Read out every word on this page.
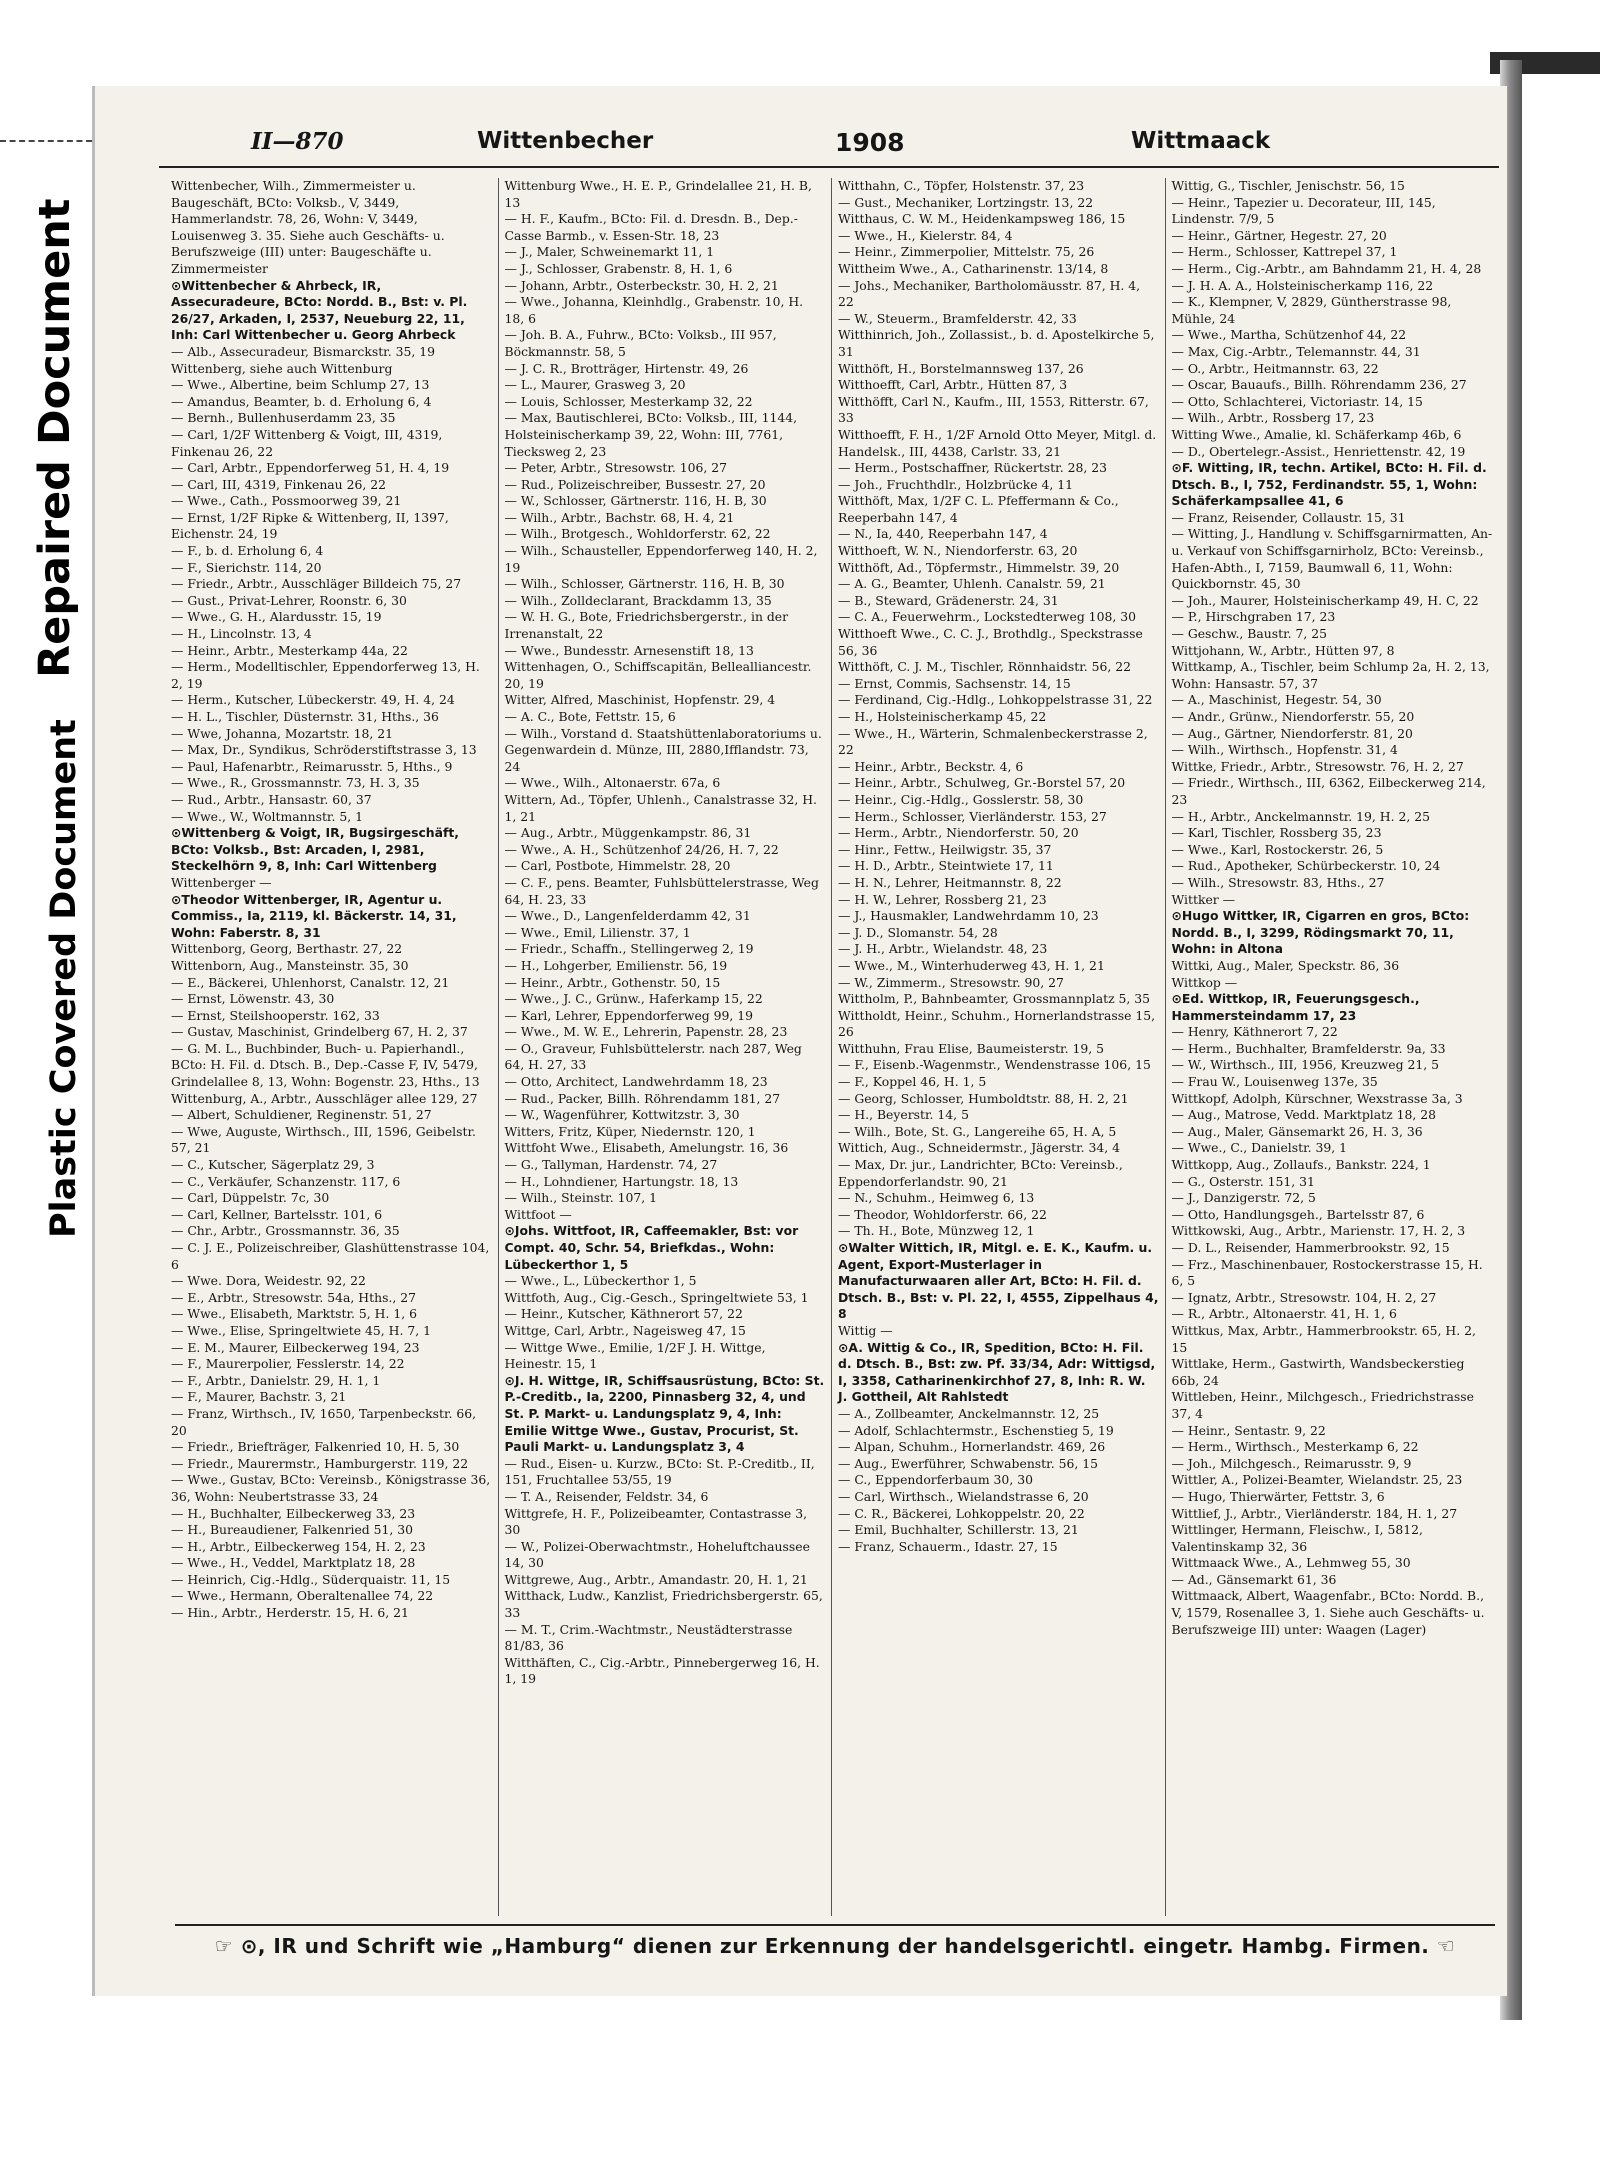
Repaired Document
Plastic Covered Document
II—870	Wittenbecher	1908	Wittmaack
Wittenbecher, Wilh., Zimmermeister u. Baugeschäft, BCto: Volksb., V, 3449, Hammerlandstr. 78, 26, Wohn: V, 3449, Louisenweg 3. 35. Siehe auch Geschäfts- u. Berufszweige (III) unter: Baugeschäfte u. Zimmermeister
⊙ Wittenbecher & Ahrbeck, IR, Assecuradeure, BCto: Nordd. B., Bst: v. Pl. 26/27, Arkaden, I, 2537, Neueburg 22, 11, Inh: Carl Wittenbecher u. Georg Ahrbeck
— Alb., Assecuradeur, Bismarckstr. 35, 19
Wittenberg, siehe auch Wittenburg
— Wwe., Albertine, beim Schlump 27, 13
— Amandus, Beamter, b. d. Erholung 6, 4
— Bernh., Bullenhuserdamm 23, 35
— Carl, 1/2F Wittenberg & Voigt, III, 4319, Finkenau 26, 22
— Carl, Arbtr., Eppendorferweg 51, H. 4, 19
— Carl, III, 4319, Finkenau 26, 22
— Wwe., Cath., Possmoorweg 39, 21
— Ernst, 1/2F Ripke & Wittenberg, II, 1397, Eichenstr. 24, 19
— F., b. d. Erholung 6, 4
— F., Sierichstr. 114, 20
— Friedr., Arbtr., Ausschläger Billdeich 75, 27
— Gust., Privat-Lehrer, Roonstr. 6, 30
— Wwe., G. H., Alardusstr. 15, 19
— H., Lincolnstr. 13, 4
— Heinr., Arbtr., Mesterkamp 44a, 22
— Herm., Modelltischler, Eppendorferweg 13, H. 2, 19
— Herm., Kutscher, Lübeckerstr. 49, H. 4, 24
— H. L., Tischler, Düsternstr. 31, Hths., 36
— Wwe, Johanna, Mozartstr. 18, 21
— Max, Dr., Syndikus, Schröderstiftstrasse 3, 13
— Paul, Hafenarbtr., Reimarusstr. 5, Hths., 9
— Wwe., R., Grossmannstr. 73, H. 3, 35
— Rud., Arbtr., Hansastr. 60, 37
— Wwe., W., Woltmannstr. 5, 1
⊙ Wittenberg & Voigt, IR, Bugsirgeschäft, BCto: Volksb., Bst: Arcaden, I, 2981, Steckelhörn 9, 8, Inh: Carl Wittenberg
Wittenberger —
⊙ Theodor Wittenberger, IR, Agentur u. Commiss., Ia, 2119, kl. Bäckerstr. 14, 31, Wohn: Faberstr. 8, 31
Wittenborg, Georg, Berthastr. 27, 22
Wittenborn, Aug., Mansteinstr. 35, 30
— E., Bäckerei, Uhlenhorst, Canalstr. 12, 21
— Ernst, Löwenstr. 43, 30
— Ernst, Steilshooperstr. 162, 33
— Gustav, Maschinist, Grindelberg 67, H. 2, 37
— G. M. L., Buchbinder, Buch- u. Papierhandl., BCto: H. Fil. d. Dtsch. B., Dep.-Casse F, IV, 5479, Grindelallee 8, 13, Wohn: Bogenstr. 23, Hths., 13
Wittenburg, A., Arbtr., Ausschläger allee 129, 27
— Albert, Schuldiener, Reginenstr. 51, 27
— Wwe, Auguste, Wirthsch., III, 1596, Geibelstr. 57, 21
— C., Kutscher, Sägerplatz 29, 3
— C., Verkäufer, Schanzenstr. 117, 6
— Carl, Düppelstr. 7c, 30
— Carl, Kellner, Bartelsstr. 101, 6
— Chr., Arbtr., Grossmannstr. 36, 35
— C. J. E., Polizeischreiber, Glashüttenstrasse 104, 6
— Wwe. Dora, Weidestr. 92, 22
— E., Arbtr., Stresowstr. 54a, Hths., 27
— Wwe., Elisabeth, Marktstr. 5, H. 1, 6
— Wwe., Elise, Springeltwiete 45, H. 7, 1
— E. M., Maurer, Eilbeckerweg 194, 23
— F., Maurerpolier, Fesslerstr. 14, 22
— F., Arbtr., Danielstr. 29, H. 1, 1
— F., Maurer, Bachstr. 3, 21
— Franz, Wirthsch., IV, 1650, Tarpenbeckstr. 66, 20
— Friedr., Briefträger, Falkenried 10, H. 5, 30
— Friedr., Maurermstr., Hamburgerstr. 119, 22
— Wwe., Gustav, BCto: Vereinsb., Königstrasse 36, 36, Wohn: Neubertstrasse 33, 24
— H., Buchhalter, Eilbeckerweg 33, 23
— H., Bureaudiener, Falkenried 51, 30
— H., Arbtr., Eilbeckerweg 154, H. 2, 23
— Wwe., H., Veddel, Marktplatz 18, 28
— Heinrich, Cig.-Hdlg., Süderquaistr. 11, 15
— Wwe., Hermann, Oberaltenallee 74, 22
— Hin., Arbtr., Herderstr. 15, H. 6, 21
Wittenburg Wwe., H. E. P., Grindelallee 21, H. B, 13
— H. F., Kaufm., BCto: Fil. d. Dresdn. B., Dep.-Casse Barmb., v. Essen-Str. 18, 23
— J., Maler, Schweinemarkt 11, 1
— J., Schlosser, Grabenstr. 8, H. 1, 6
— Johann, Arbtr., Osterbeckstr. 30, H. 2, 21
— Wwe., Johanna, Kleinhdlg., Grabenstr. 10, H. 18, 6
— Joh. B. A., Fuhrw., BCto: Volksb., III 957, Böckmannstr. 58, 5
— J. C. R., Brotträger, Hirtenstr. 49, 26
— L., Maurer, Grasweg 3, 20
— Louis, Schlosser, Mesterkamp 32, 22
— Max, Bautischlerei, BCto: Volksb., III, 1144, Holsteinischerkamp 39, 22, Wohn: III, 7761, Tiecksweg 2, 23
— Peter, Arbtr., Stresowstr. 106, 27
— Rud., Polizeischreiber, Bussestr. 27, 20
— W., Schlosser, Gärtnerstr. 116, H. B, 30
— Wilh., Arbtr., Bachstr. 68, H. 4, 21
— Wilh., Brotgesch., Wohldorferstr. 62, 22
— Wilh., Schausteller, Eppendorferweg 140, H. 2, 19
— Wilh., Schlosser, Gärtnerstr. 116, H. B, 30
— Wilh., Zolldeclarant, Brackdamm 13, 35
— W. H. G., Bote, Friedrichsbergerstr., in der Irrenanstalt, 22
— Wwe., Bundesstr. Arnesenstift 18, 13
Wittenhagen, O., Schiffscapitän, Bellealliancestr. 20, 19
Witter, Alfred, Maschinist, Hopfenstr. 29, 4
— A. C., Bote, Fettstr. 15, 6
— Wilh., Vorstand d. Staatshüttenlaboratoriums u. Gegenwardein d. Münze, III, 2880,Ifflandstr. 73, 24
— Wwe., Wilh., Altonaerstr. 67a, 6
Wittern, Ad., Töpfer, Uhlenh., Canalstrasse 32, H. 1, 21
— Aug., Arbtr., Müggenkampstr. 86, 31
— Wwe., A. H., Schützenhof 24/26, H. 7, 22
— Carl, Postbote, Himmelstr. 28, 20
— C. F., pens. Beamter, Fuhlsbüttelerstrasse, Weg 64, H. 23, 33
— Wwe., D., Langenfelderdamm 42, 31
— Wwe., Emil, Lilienstr. 37, 1
— Friedr., Schaffn., Stellingerweg 2, 19
— H., Lohgerber, Emilienstr. 56, 19
— Heinr., Arbtr., Gothenstr. 50, 15
— Wwe., J. C., Grünw., Haferkamp 15, 22
— Karl, Lehrer, Eppendorferweg 99, 19
— Wwe., M. W. E., Lehrerin, Papenstr. 28, 23
— O., Graveur, Fuhlsbüttelerstr. nach 287, Weg 64, H. 27, 33
— Otto, Architect, Landwehrdamm 18, 23
— Rud., Packer, Billh. Röhrendamm 181, 27
— W., Wagenführer, Kottwitzstr. 3, 30
Witters, Fritz, Küper, Niedernstr. 120, 1
Wittfoht Wwe., Elisabeth, Amelungstr. 16, 36
— G., Tallyman, Hardenstr. 74, 27
— H., Lohndiener, Hartungstr. 18, 13
— Wilh., Steinstr. 107, 1
Wittfoot —
⊙ Johs. Wittfoot, IR, Caffeemakler, Bst: vor Compt. 40, Schr. 54, Briefkdas., Wohn: Lübeckerthor 1, 5
— Wwe., L., Lübeckerthor 1, 5
Wittfoth, Aug., Cig.-Gesch., Springeltwiete 53, 1
— Heinr., Kutscher, Käthnerort 57, 22
Wittge, Carl, Arbtr., Nageisweg 47, 15
— Wittge Wwe., Emilie, 1/2F J. H. Wittge, Heinestr. 15, 1
⊙ J. H. Wittge, IR, Schiffsausrüstung, BCto: St. P.-Creditb., Ia, 2200, Pinnasberg 32, 4, und St. P. Markt- u. Landungsplatz 9, 4, Inh: Emilie Wittge Wwe., Gustav, Procurist, St. Pauli Markt- u. Landungsplatz 3, 4
— Rud., Eisen- u. Kurzw., BCto: St. P.-Creditb., II, 151, Fruchtallee 53/55, 19
— T. A., Reisender, Feldstr. 34, 6
Wittgrefe, H. F., Polizeibeamter, Contastrasse 3, 30
— W., Polizei-Oberwachtmstr., Hoheluftchaussee 14, 30
Wittgrewe, Aug., Arbtr., Amandastr. 20, H. 1, 21
Witthack, Ludw., Kanzlist, Friedrichsbergerstr. 65, 33
— M. T., Crim.-Wachtmstr., Neustädterstrasse 81/83, 36
Witthäften, C., Cig.-Arbtr., Pinnebergerweg 16, H. 1, 19
Witthahn, C., Töpfer, Holstenstr. 37, 23
— Gust., Mechaniker, Lortzingstr. 13, 22
Witthaus, C. W. M., Heidenkampsweg 186, 15
— Wwe., H., Kielerstr. 84, 4
— Heinr., Zimmerpolier, Mittelstr. 75, 26
Wittheim Wwe., A., Catharinenstr. 13/14, 8
— Johs., Mechaniker, Bartholomäusstr. 87, H. 4, 22
— W., Steuerm., Bramfelderstr. 42, 33
Witthinrich, Joh., Zollassist., b. d. Apostelkirche 5, 31
Witthöft, H., Borstelmannsweg 137, 26
Witthoefft, Carl, Arbtr., Hütten 87, 3
Witthöfft, Carl N., Kaufm., III, 1553, Ritterstr. 67, 33
Witthoefft, F. H., 1/2F Arnold Otto Meyer, Mitgl. d. Handelsk., III, 4438, Carlstr. 33, 21
— Herm., Postschaffner, Rückertstr. 28, 23
— Joh., Fruchthdlr., Holzbrücke 4, 11
Witthöft, Max, 1/2F C. L. Pfeffermann & Co., Reeperbahn 147, 4
— N., Ia, 440, Reeperbahn 147, 4
Witthoeft, W. N., Niendorferstr. 63, 20
Witthöft, Ad., Töpfermstr., Himmelstr. 39, 20
— A. G., Beamter, Uhlenh. Canalstr. 59, 21
— B., Steward, Grädenerstr. 24, 31
— C. A., Feuerwehrm., Lockstedterweg 108, 30
Witthoeft Wwe., C. C. J., Brothdlg., Speckstrasse 56, 36
Witthöft, C. J. M., Tischler, Rönnhaidstr. 56, 22
— Ernst, Commis, Sachsenstr. 14, 15
— Ferdinand, Cig.-Hdlg., Lohkoppelstrasse 31, 22
— H., Holsteinischerkamp 45, 22
— Wwe., H., Wärterin, Schmalenbeckerstrasse 2, 22
— Heinr., Arbtr., Beckstr. 4, 6
— Heinr., Arbtr., Schulweg, Gr.-Borstel 57, 20
— Heinr., Cig.-Hdlg., Gosslerstr. 58, 30
— Herm., Schlosser, Vierländerstr. 153, 27
— Herm., Arbtr., Niendorferstr. 50, 20
— Hinr., Fettw., Heilwigstr. 35, 37
— H. D., Arbtr., Steintwiete 17, 11
— H. N., Lehrer, Heitmannstr. 8, 22
— H. W., Lehrer, Rossberg 21, 23
— J., Hausmakler, Landwehrdamm 10, 23
— J. D., Slomanstr. 54, 28
— J. H., Arbtr., Wielandstr. 48, 23
— Wwe., M., Winterhuderweg 43, H. 1, 21
— W., Zimmerm., Stresowstr. 90, 27
Wittholm, P., Bahnbeamter, Grossmannplatz 5, 35
Wittholdt, Heinr., Schuhm., Hornerlandstrasse 15, 26
Witthuhn, Frau Elise, Baumeisterstr. 19, 5
— F., Eisenb.-Wagenmstr., Wendenstrasse 106, 15
— F., Koppel 46, H. 1, 5
— Georg, Schlosser, Humboldtstr. 88, H. 2, 21
— H., Beyerstr. 14, 5
— Wilh., Bote, St. G., Langereihe 65, H. A, 5
Wittich, Aug., Schneidermstr., Jägerstr. 34, 4
— Max, Dr. jur., Landrichter, BCto: Vereinsb., Eppendorferlandstr. 90, 21
— N., Schuhm., Heimweg 6, 13
— Theodor, Wohldorferstr. 66, 22
— Th. H., Bote, Münzweg 12, 1
⊙ Walter Wittich, IR, Mitgl. e. E. K., Kaufm. u. Agent, Export-Musterlager in Manufacturwaaren aller Art, BCto: H. Fil. d. Dtsch. B., Bst: v. Pl. 22, I, 4555, Zippelhaus 4, 8
Wittig —
⊙ A. Wittig & Co., IR, Spedition, BCto: H. Fil. d. Dtsch. B., Bst: zw. Pf. 33/34, Adr: Wittigsd, I, 3358, Catharinenkirchhof 27, 8, Inh: R. W. J. Gottheil, Alt Rahlstedt
— A., Zollbeamter, Anckelmannstr. 12, 25
— Adolf, Schlachtermstr., Eschenstieg 5, 19
— Alpan, Schuhm., Hornerlandstr. 469, 26
— Aug., Ewerführer, Schwabenstr. 56, 15
— C., Eppendorferbaum 30, 30
— Carl, Wirthsch., Wielandstrasse 6, 20
— C. R., Bäckerei, Lohkoppelstr. 20, 22
— Emil, Buchhalter, Schillerstr. 13, 21
— Franz, Schauerm., Idastr. 27, 15
Wittig, G., Tischler, Jenischstr. 56, 15
— Heinr., Tapezier u. Decorateur, III, 145, Lindenstr. 7/9, 5
— Heinr., Gärtner, Hegestr. 27, 20
— Herm., Schlosser, Kattrepel 37, 1
— Herm., Cig.-Arbtr., am Bahndamm 21, H. 4, 28
— J. H. A. A., Holsteinischerkamp 116, 22
— K., Klempner, V, 2829, Güntherstrasse 98, Mühle, 24
— Wwe., Martha, Schützenhof 44, 22
— Max, Cig.-Arbtr., Telemannstr. 44, 31
— O., Arbtr., Heitmannstr. 63, 22
— Oscar, Bauaufs., Billh. Röhrendamm 236, 27
— Otto, Schlachterei, Victoriastr. 14, 15
— Wilh., Arbtr., Rossberg 17, 23
Witting Wwe., Amalie, kl. Schäferkamp 46b, 6
— D., Obertelegr.-Assist., Henriettenstr. 42, 19
⊙ F. Witting, IR, techn. Artikel, BCto: H. Fil. d. Dtsch. B., I, 752, Ferdinandstr. 55, 1, Wohn: Schäferkampsallee 41, 6
— Franz, Reisender, Collaustr. 15, 31
— Witting, J., Handlung v. Schiffsgarnirmatten, An- u. Verkauf von Schiffsgarnirholz, BCto: Vereinsb., Hafen-Abth., I, 7159, Baumwall 6, 11, Wohn: Quickbornstr. 45, 30
— Joh., Maurer, Holsteinischerkamp 49, H. C, 22
— P., Hirschgraben 17, 23
— Geschw., Baustr. 7, 25
Wittjohann, W., Arbtr., Hütten 97, 8
Wittkamp, A., Tischler, beim Schlump 2a, H. 2, 13, Wohn: Hansastr. 57, 37
— A., Maschinist, Hegestr. 54, 30
— Andr., Grünw., Niendorferstr. 55, 20
— Aug., Gärtner, Niendorferstr. 81, 20
— Wilh., Wirthsch., Hopfenstr. 31, 4
Wittke, Friedr., Arbtr., Stresowstr. 76, H. 2, 27
— Friedr., Wirthsch., III, 6362, Eilbeckerweg 214, 23
— H., Arbtr., Anckelmannstr. 19, H. 2, 25
— Karl, Tischler, Rossberg 35, 23
— Wwe., Karl, Rostockerstr. 26, 5
— Rud., Apotheker, Schürbeckerstr. 10, 24
— Wilh., Stresowstr. 83, Hths., 27
Wittker —
⊙ Hugo Wittker, IR, Cigarren en gros, BCto: Nordd. B., I, 3299, Rödingsmarkt 70, 11, Wohn: in Altona
Wittki, Aug., Maler, Speckstr. 86, 36
Wittkop —
⊙ Ed. Wittkop, IR, Feuerungsgesch., Hammersteindamm 17, 23
— Henry, Käthnerort 7, 22
— Herm., Buchhalter, Bramfelderstr. 9a, 33
— W., Wirthsch., III, 1956, Kreuzweg 21, 5
— Frau W., Louisenweg 137e, 35
Wittkopf, Adolph, Kürschner, Wexstrasse 3a, 3
— Aug., Matrose, Vedd. Marktplatz 18, 28
— Aug., Maler, Gänsemarkt 26, H. 3, 36
— Wwe., C., Danielstr. 39, 1
Wittkopp, Aug., Zollaufs., Bankstr. 224, 1
— G., Osterstr. 151, 31
— J., Danzigerstr. 72, 5
— Otto, Handlungsgeh., Bartelsstr 87, 6
Wittkowski, Aug., Arbtr., Marienstr. 17, H. 2, 3
— D. L., Reisender, Hammerbrookstr. 92, 15
— Frz., Maschinenbauer, Rostockerstrasse 15, H. 6, 5
— Ignatz, Arbtr., Stresowstr. 104, H. 2, 27
— R., Arbtr., Altonaerstr. 41, H. 1, 6
Wittkus, Max, Arbtr., Hammerbrookstr. 65, H. 2, 15
Wittlake, Herm., Gastwirth, Wandsbeckerstieg 66b, 24
Wittleben, Heinr., Milchgesch., Friedrichstrasse 37, 4
— Heinr., Sentastr. 9, 22
— Herm., Wirthsch., Mesterkamp 6, 22
— Joh., Milchgesch., Reimarusstr. 9, 9
Wittler, A., Polizei-Beamter, Wielandstr. 25, 23
— Hugo, Thierwärter, Fettstr. 3, 6
Wittlief, J., Arbtr., Vierländerstr. 184, H. 1, 27
Wittlinger, Hermann, Fleischw., I, 5812, Valentinskamp 32, 36
Wittmaack Wwe., A., Lehmweg 55, 30
— Ad., Gänsemarkt 61, 36
Wittmaack, Albert, Waagenfabr., BCto: Nordd. B., V, 1579, Rosenallee 3, 1. Siehe auch Geschäfts- u. Berufszweige III) unter: Waagen (Lager)
☞ ⊙, IR und Schrift wie „Hamburg“ dienen zur Erkennung der handelsgerichtl. eingetr. Hambg. Firmen. ☜
